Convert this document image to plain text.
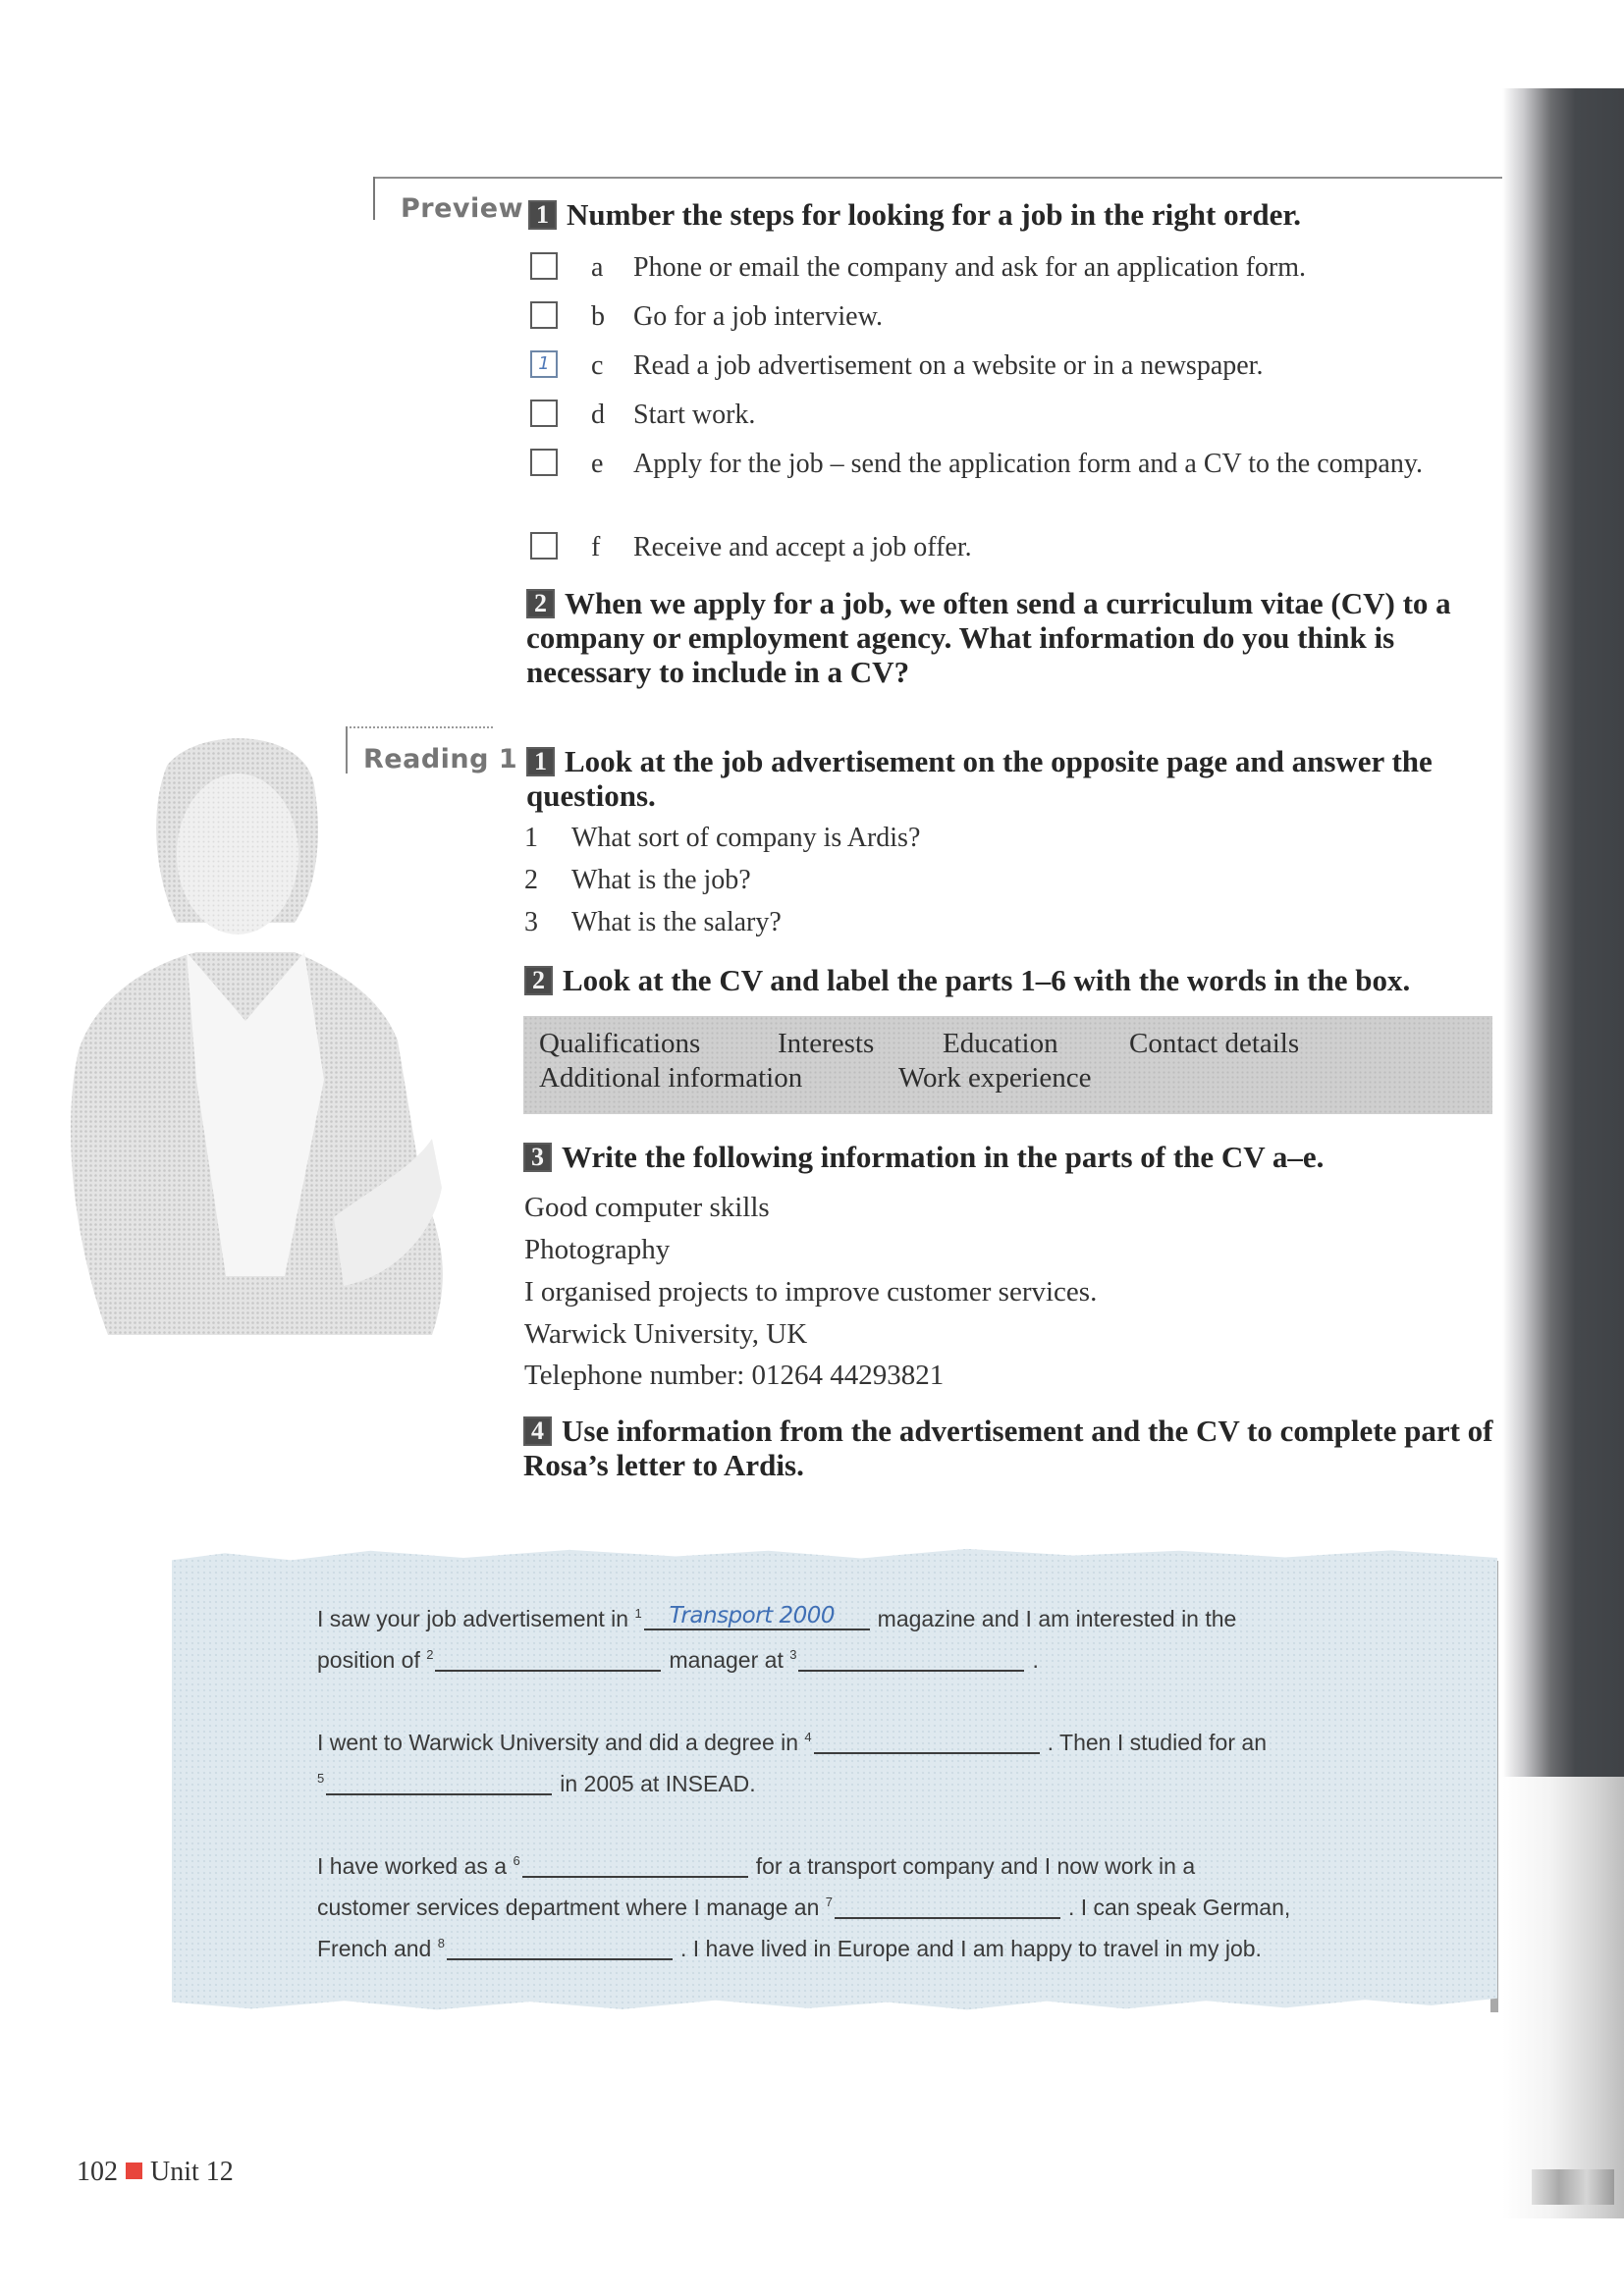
Preview 1 Number the steps for looking for a job in the right order.
a Phone or email the company and ask for an application form.
b Go for a job interview.
1 c Read a job advertisement on a website or in a newspaper.
d Start work.
e Apply for the job – send the application form and a CV to the company.
f Receive and accept a job offer.
2 When we apply for a job, we often send a curriculum vitae (CV) to a company or employment agency. What information do you think is necessary to include in a CV?
Reading 1 1 Look at the job advertisement on the opposite page and answer the questions.
1 What sort of company is Ardis?
2 What is the job?
3 What is the salary?
2 Look at the CV and label the parts 1–6 with the words in the box.
Qualifications	Interests Education Contact details
Additional information	Work experience
3 Write the following information in the parts of the CV a–e.
Good computer skills
Photography
I organised projects to improve customer services.
Warwick University, UK
Telephone number: 01264 44293821
4 Use information from the advertisement and the CV to complete part of Rosa’s letter to Ardis.
I saw your job advertisement in $^1$ Transport 2000 magazine and I am interested in the
position of $^2$	manager at $^3$	.
I went to Warwick University and did a degree in $^4$	. Then I studied for an
$^5$	in 2005 at INSEAD.
I have worked as a $^6$	for a transport company and I now work in a
customer services department where I manage an $^7$	. I can speak German,
French and $^8$	. I have lived in Europe and I am happy to travel in my job.
102 Unit 12
